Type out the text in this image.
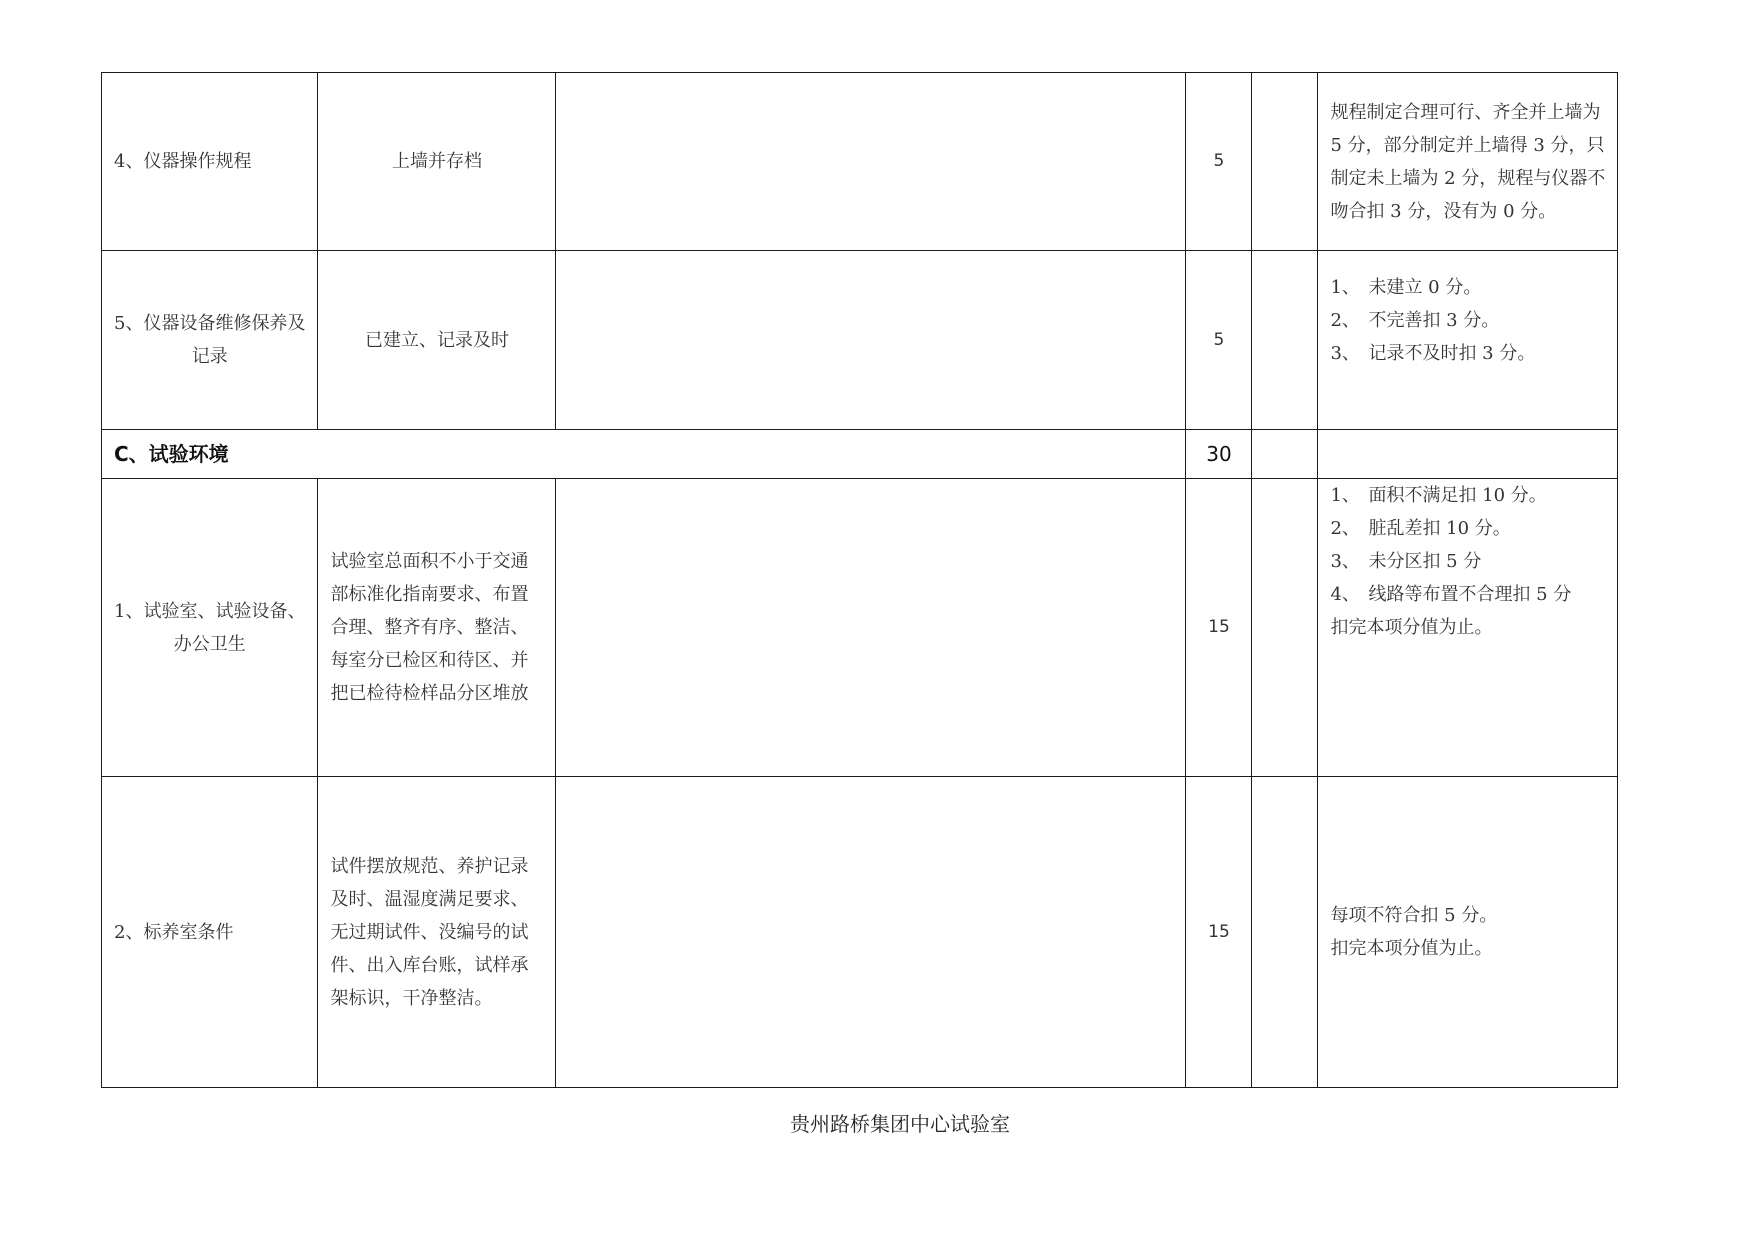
4、仪器操作规程	上墙并存档		5		规程制定合理可行、齐全并上墙为
5 分，部分制定并上墙得 3 分，只
制定未上墙为 2 分，规程与仪器不
吻合扣 3 分，没有为 0 分。

5、仪器设备维修保养及
记录	已建立、记录及时		5		1、 未建立 0 分。
2、 不完善扣 3 分。
3、 记录不及时扣 3 分。

C、试验环境			30		

1、试验室、试验设备、
办公卫生	试验室总面积不小于交通
部标准化指南要求、布置
合理、整齐有序、整洁、
每室分已检区和待区、并
把已检待检样品分区堆放		15		1、 面积不满足扣 10 分。
2、 脏乱差扣 10 分。
3、 未分区扣 5 分
4、 线路等布置不合理扣 5 分
扣完本项分值为止。

2、标养室条件	试件摆放规范、养护记录
及时、温湿度满足要求、
无过期试件、没编号的试
件、出入库台账，试样承
架标识，干净整洁。		15		每项不符合扣 5 分。
扣完本项分值为止。
贵州路桥集团中心试验室
